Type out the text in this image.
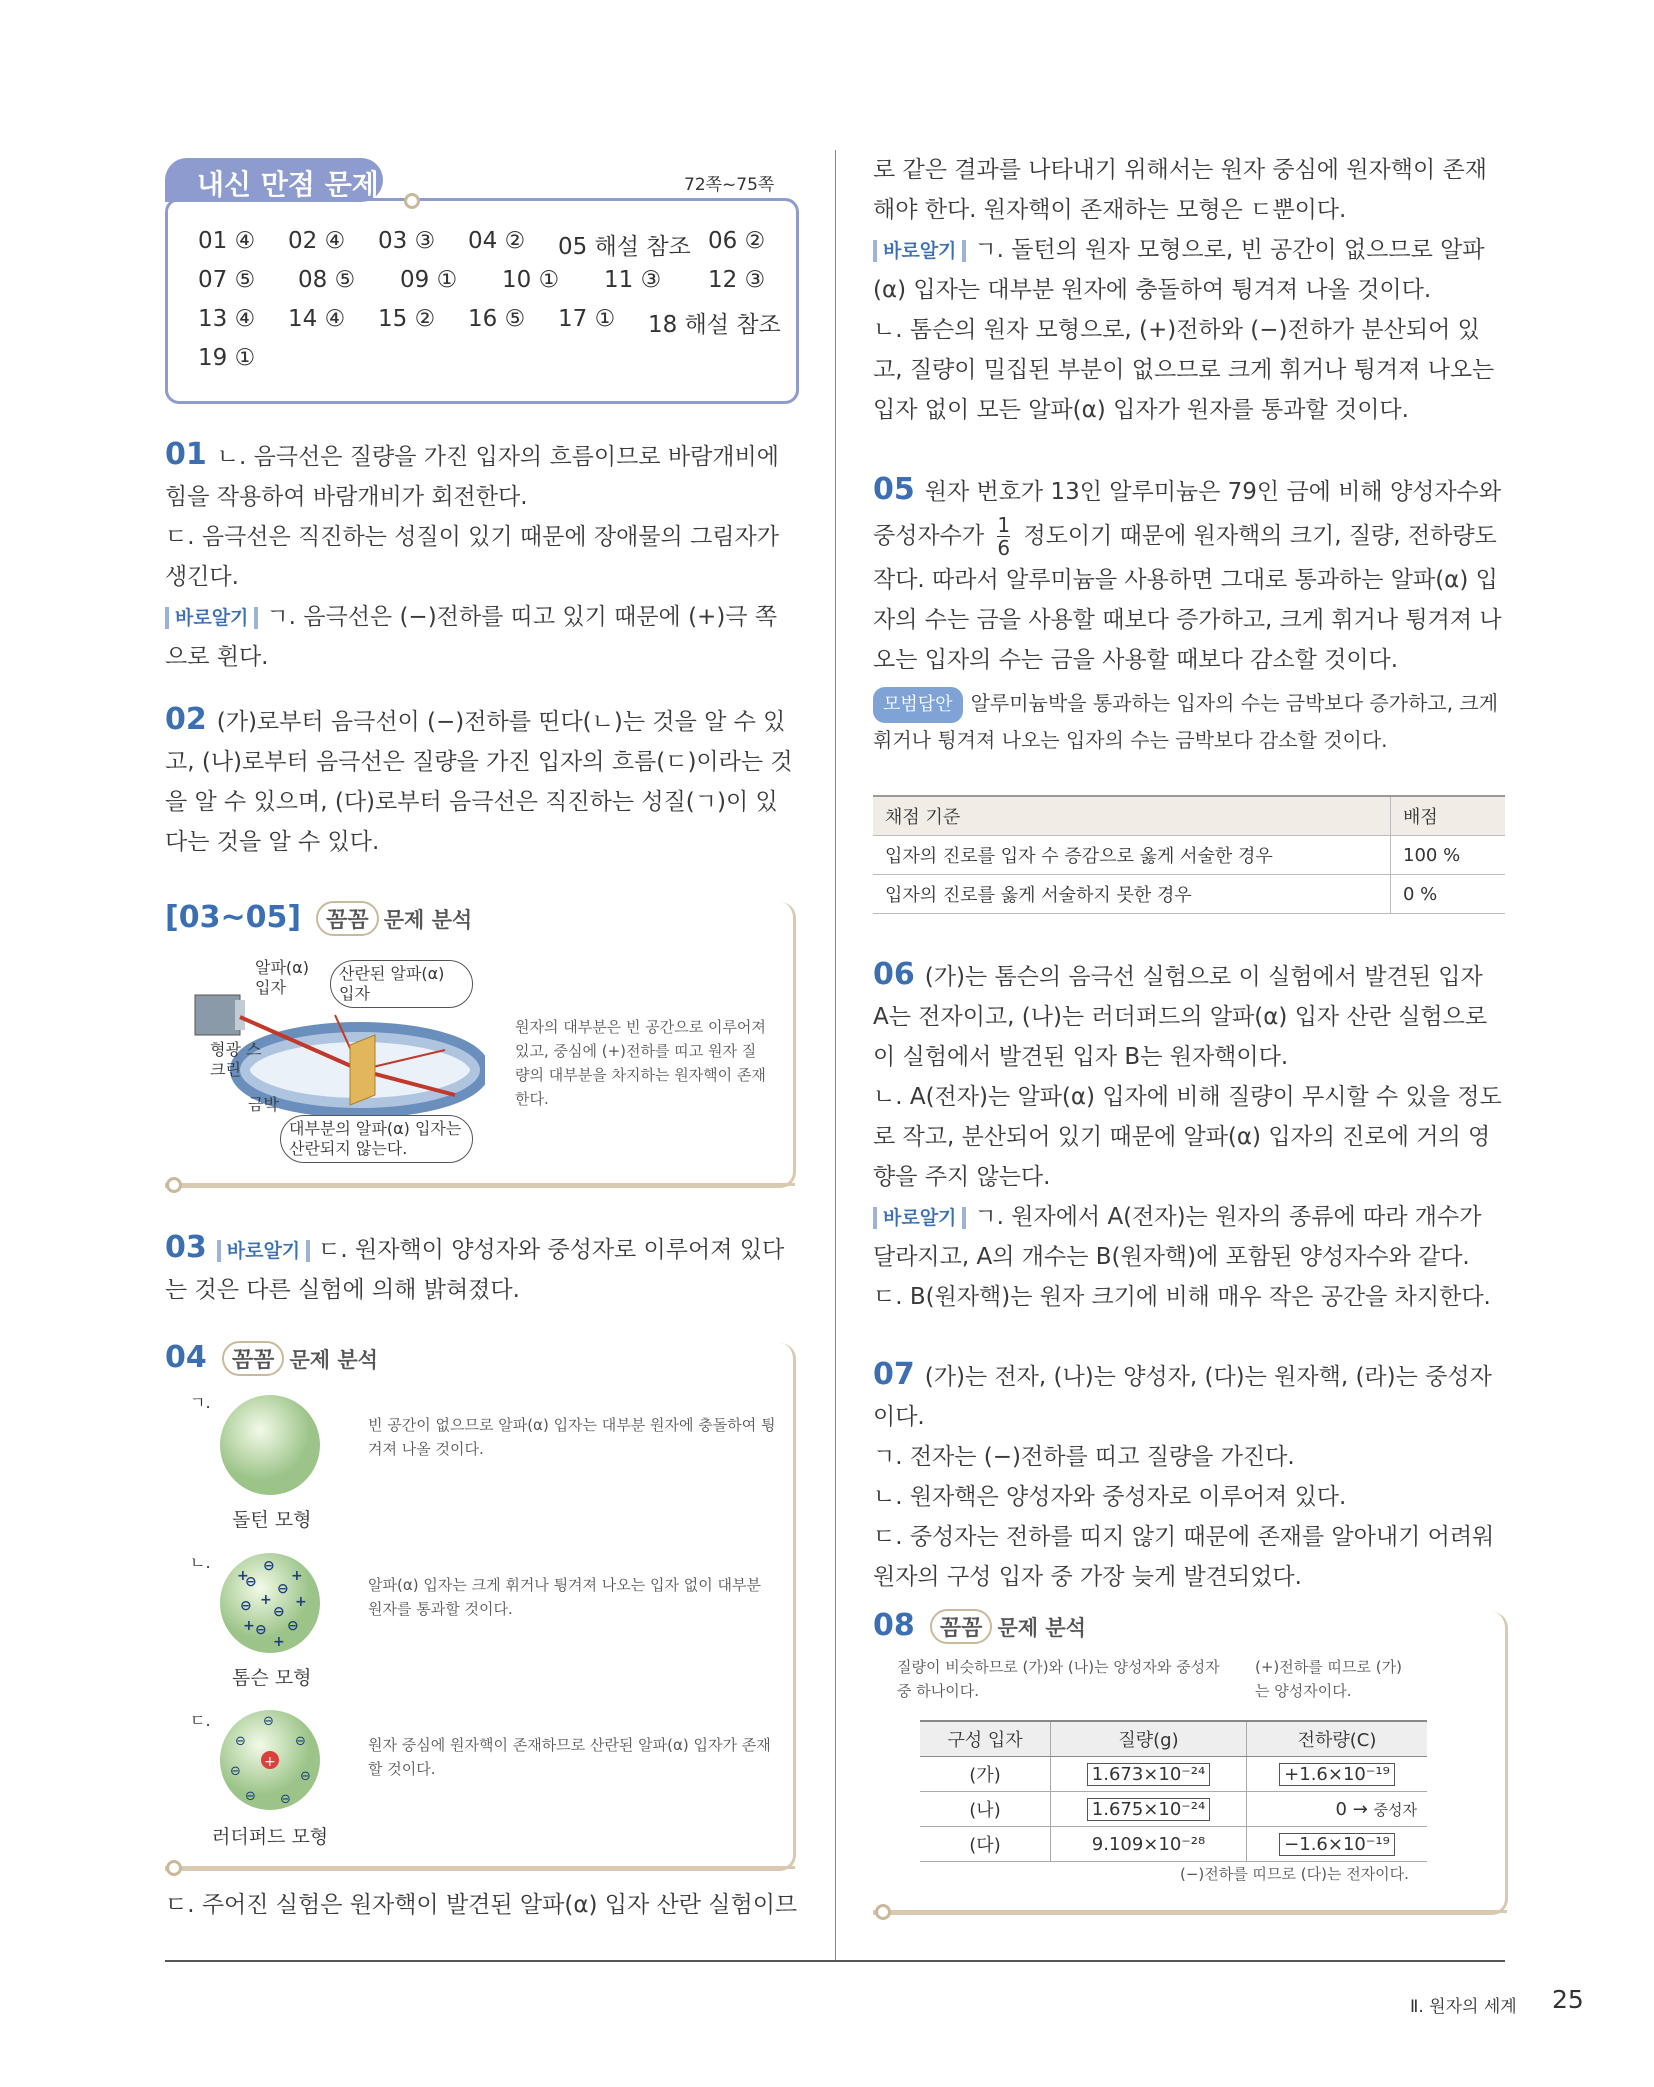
내신 만점 문제	72쪽~75쪽
01 ④ 02 ④ 03 ③ 04 ② 05 해설 참조 06 ②
07 ⑤ 08 ⑤ 09 ① 10 ① 11 ③ 12 ③
13 ④ 14 ④ 15 ② 16 ⑤ 17 ① 18 해설 참조
19 ①

01 ㄴ. 음극선은 질량을 가진 입자의 흐름이므로 바람개비에 힘을 작용하여 바람개비가 회전한다.

ㄷ. 음극선은 직진하는 성질이 있기 때문에 장애물의 그림자가 생긴다.

바로알기 ㄱ. 음극선은 (−)전하를 띠고 있기 때문에 (+)극 쪽으로 휜다.

02 (가)로부터 음극선이 (−)전하를 띤다(ㄴ)는 것을 알 수 있고, (나)로부터 음극선은 질량을 가진 입자의 흐름(ㄷ)이라는 것을 알 수 있으며, (다)로부터 음극선은 직진하는 성질(ㄱ)이 있다는 것을 알 수 있다.

[03~05] 꼼꼼 문제 분석
알파(α) 입자
산란된 알파(α) 입자
형광 스크린
금박
대부분의 알파(α) 입자는 산란되지 않는다.
원자의 대부분은 빈 공간으로 이루어져 있고, 중심에 (+)전하를 띠고 원자 질량의 대부분을 차지하는 원자핵이 존재한다.

03 바로알기 ㄷ. 원자핵이 양성자와 중성자로 이루어져 있다는 것은 다른 실험에 의해 밝혀졌다.

04 꼼꼼 문제 분석
ㄱ.
빈 공간이 없으므로 알파(α) 입자는 대부분 원자에 충돌하여 튕겨져 나올 것이다.
돌턴 모형
ㄴ.	⊖
⊖ ⊖
⊖ ⊖
⊖ ⊖
+	+
+ +
+
+
알파(α) 입자는 크게 휘거나 튕겨져 나오는 입자 없이 대부분 원자를 통과할 것이다.
톰슨 모형
ㄷ.
+
⊖
⊖	⊖
⊖	⊖
⊖ ⊖
원자 중심에 원자핵이 존재하므로 산란된 알파(α) 입자가 존재할 것이다.
러더퍼드 모형

ㄷ. 주어진 실험은 원자핵이 발견된 알파(α) 입자 산란 실험이므

로 같은 결과를 나타내기 위해서는 원자 중심에 원자핵이 존재해야 한다. 원자핵이 존재하는 모형은 ㄷ뿐이다.

바로알기 ㄱ. 돌턴의 원자 모형으로, 빈 공간이 없으므로 알파(α) 입자는 대부분 원자에 충돌하여 튕겨져 나올 것이다.

ㄴ. 톰슨의 원자 모형으로, (+)전하와 (−)전하가 분산되어 있고, 질량이 밀집된 부분이 없으므로 크게 휘거나 튕겨져 나오는 입자 없이 모든 알파(α) 입자가 원자를 통과할 것이다.

05 원자 번호가 13인 알루미늄은 79인 금에 비해 양성자수와

중성자수가 $\frac{1}{6}$ 정도이기 때문에 원자핵의 크기, 질량, 전하량도

작다. 따라서 알루미늄을 사용하면 그대로 통과하는 알파(α) 입자의 수는 금을 사용할 때보다 증가하고, 크게 휘거나 튕겨져 나오는 입자의 수는 금을 사용할 때보다 감소할 것이다.

모범답안 알루미늄박을 통과하는 입자의 수는 금박보다 증가하고, 크게 휘거나 튕겨져 나오는 입자의 수는 금박보다 감소할 것이다.

채점 기준	배점
입자의 진로를 입자 수 증감으로 옳게 서술한 경우	100 %
입자의 진로를 옳게 서술하지 못한 경우	0 %

06 (가)는 톰슨의 음극선 실험으로 이 실험에서 발견된 입자 A는 전자이고, (나)는 러더퍼드의 알파(α) 입자 산란 실험으로 이 실험에서 발견된 입자 B는 원자핵이다.

ㄴ. A(전자)는 알파(α) 입자에 비해 질량이 무시할 수 있을 정도로 작고, 분산되어 있기 때문에 알파(α) 입자의 진로에 거의 영향을 주지 않는다.

바로알기 ㄱ. 원자에서 A(전자)는 원자의 종류에 따라 개수가 달라지고, A의 개수는 B(원자핵)에 포함된 양성자수와 같다.

ㄷ. B(원자핵)는 원자 크기에 비해 매우 작은 공간을 차지한다.

07 (가)는 전자, (나)는 양성자, (다)는 원자핵, (라)는 중성자이다.

ㄱ. 전자는 (−)전하를 띠고 질량을 가진다.

ㄴ. 원자핵은 양성자와 중성자로 이루어져 있다.

ㄷ. 중성자는 전하를 띠지 않기 때문에 존재를 알아내기 어려워 원자의 구성 입자 중 가장 늦게 발견되었다.

08 꼼꼼 문제 분석
질량이 비슷하므로 (가)와 (나)는 양성자와 중성자 중 하나이다.
(+)전하를 띠므로 (가)는 양성자이다.
구성 입자	질량(g)	전하량(C)
(가)	1.673×10⁻²⁴	+1.6×10⁻¹⁹
(나)	1.675×10⁻²⁴	0 → 중성자
(다)	9.109×10⁻²⁸	−1.6×10⁻¹⁹
(−)전하를 띠므로 (다)는 전자이다.
Ⅱ. 원자의 세계 25
